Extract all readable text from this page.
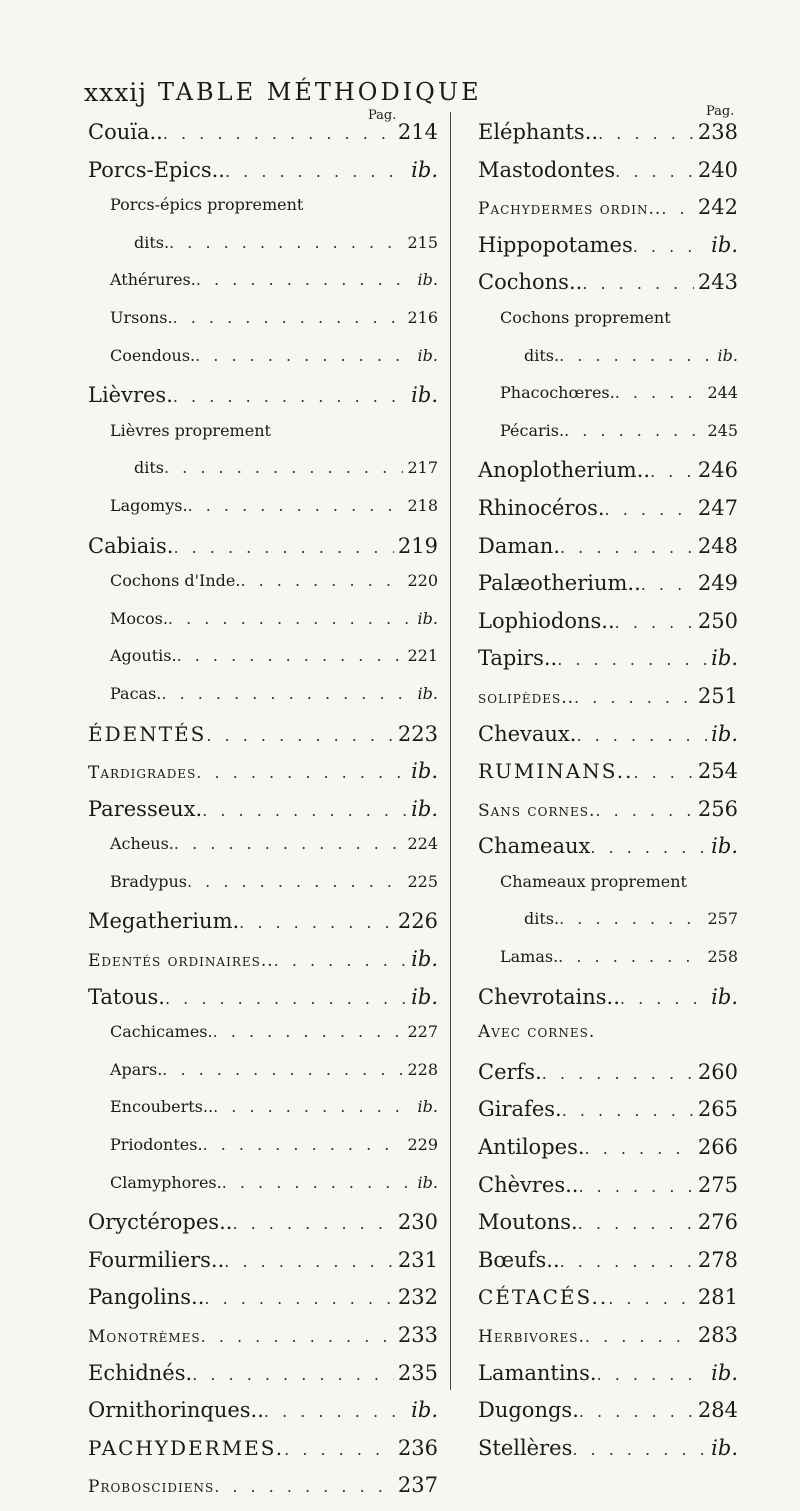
xxxij TABLE MÉTHODIQUE
Pag.	Pag.
Couïa.. . . .	214
Porcs-Epics.. . . .	ib.
Porcs-épics proprement
dits. . . .	215
Athérures. . . .	ib.
Ursons. . . .	216
Coendous. . . .	ib.
Lièvres. . . .	ib.
Lièvres proprement
dits . . .	217
Lagomys. . . .	218
Cabiais. . . .	219
Cochons d'Inde. . . .	220
Mocos. . . .	ib.
Agoutis. . . .	221
Pacas. . . .	ib.
ÉDENTÉS . . .	223
Tardigrades . . .	ib.
Paresseux. . . .	ib.
Acheus. . . .	224
Bradypus . . .	225
Megatherium. . . .	226
Edentés ordinaires.. . . .	ib.
Tatous. . . .	ib.
Cachicames. . . .	227
Apars. . . .	228
Encouberts.. . . .	ib.
Priodontes. . . .	229
Clamyphores. . . .	ib.
Oryctéropes.. . . .	230
Fourmiliers.. . . .	231
Pangolins.. . . .	232
Monotrèmes . . .	233
Echidnés. . . .	235
Ornithorinques.. . . .	ib.
PACHYDERMES. . . .	236
Proboscidiens . . .	237
Eléphants.. . . .	238
Mastodontes . . .	240
Pachydermes ordin.. . . . 242
Hippopotames . . .	ib.
Cochons.. . . .	243
Cochons proprement
dits. . . .	ib.
Phacochœres. . . .	244
Pécaris. . . .	245
Anoplotherium.. . . . 246
Rhinocéros. . . .	247
Daman. . . .	248
Palæotherium.. . . .	249
Lophiodons.. . . .	250
Tapirs.. . . .	ib.
solipèdes.. . . .	251
Chevaux. . . .	ib.
RUMINANS.. . . .	254
Sans cornes. . . .	256
Chameaux . . .	ib.
Chameaux proprement
dits. . . .	257
Lamas. . . .	258
Chevrotains.. . . .	ib.
Avec cornes.
Cerfs. . . .	260
Girafes. . . .	265
Antilopes. . . .	266
Chèvres.. . . .	275
Moutons. . . .	276
Bœufs.. . . .	278
CÉTACÉS.. . . .	281
Herbivores. . . .	283
Lamantins. . . .	ib.
Dugongs. . . .	284
Stellères . . .	ib.
